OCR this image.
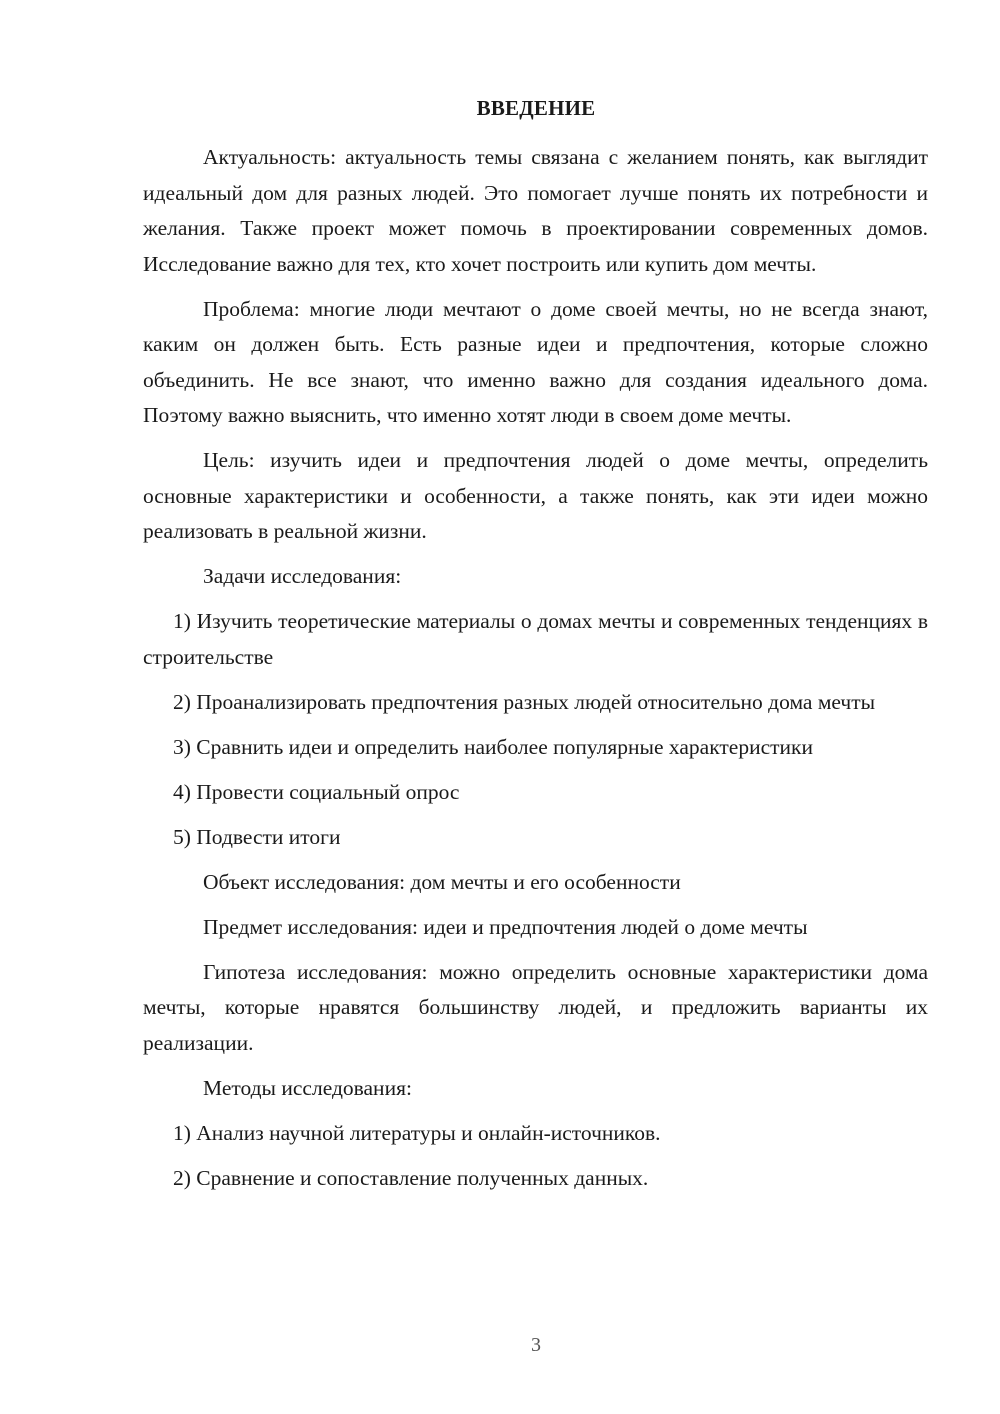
ВВЕДЕНИЕ

Актуальность: актуальность темы связана с желанием понять, как выглядит идеальный дом для разных людей. Это помогает лучше понять их потребности и желания. Также проект может помочь в проектировании современных домов. Исследование важно для тех, кто хочет построить или купить дом мечты.

Проблема: многие люди мечтают о доме своей мечты, но не всегда знают, каким он должен быть. Есть разные идеи и предпочтения, которые сложно объединить. Не все знают, что именно важно для создания идеального дома. Поэтому важно выяснить, что именно хотят люди в своем доме мечты.

Цель: изучить идеи и предпочтения людей о доме мечты, определить основные характеристики и особенности, а также понять, как эти идеи можно реализовать в реальной жизни.

Задачи исследования:

1) Изучить теоретические материалы о домах мечты и современных тенденциях в строительстве

2) Проанализировать предпочтения разных людей относительно дома мечты

3) Сравнить идеи и определить наиболее популярные характеристики

4) Провести социальный опрос

5) Подвести итоги

Объект исследования: дом мечты и его особенности

Предмет исследования: идеи и предпочтения людей о доме мечты

Гипотеза исследования: можно определить основные характеристики дома мечты, которые нравятся большинству людей, и предложить варианты их реализации.

Методы исследования:

1) Анализ научной литературы и онлайн-источников.

2) Сравнение и сопоставление полученных данных.

3
